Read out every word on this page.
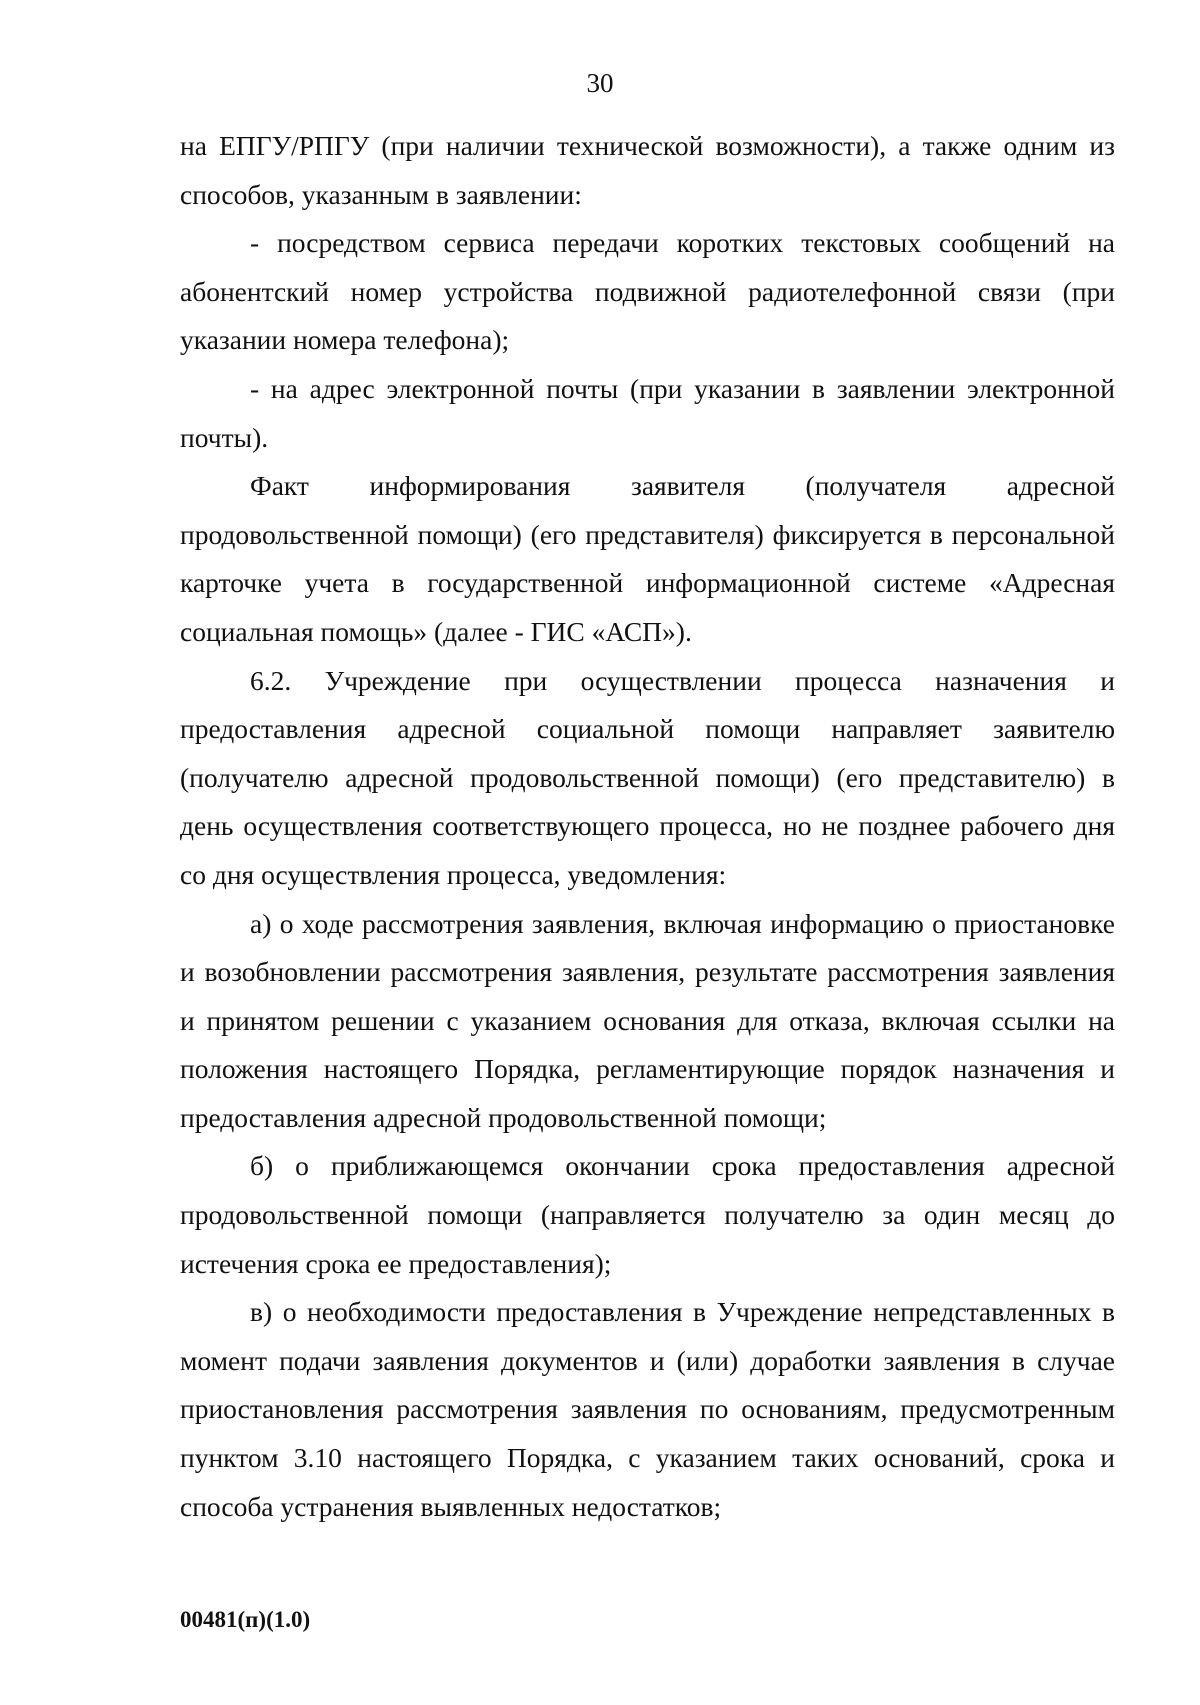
30

на ЕПГУ/РПГУ (при наличии технической возможности), а также одним из способов, указанным в заявлении:

- посредством сервиса передачи коротких текстовых сообщений на абонентский номер устройства подвижной радиотелефонной связи (при указании номера телефона);

- на адрес электронной почты (при указании в заявлении электронной почты).

Факт информирования заявителя (получателя адресной продовольственной помощи) (его представителя) фиксируется в персональной карточке учета в государственной информационной системе «Адресная социальная помощь» (далее - ГИС «АСП»).

6.2. Учреждение при осуществлении процесса назначения и предоставления адресной социальной помощи направляет заявителю (получателю адресной продовольственной помощи) (его представителю) в день осуществления соответствующего процесса, но не позднее рабочего дня со дня осуществления процесса, уведомления:

а) о ходе рассмотрения заявления, включая информацию о приостановке и возобновлении рассмотрения заявления, результате рассмотрения заявления и принятом решении с указанием основания для отказа, включая ссылки на положения настоящего Порядка, регламентирующие порядок назначения и предоставления адресной продовольственной помощи;

б) о приближающемся окончании срока предоставления адресной продовольственной помощи (направляется получателю за один месяц до истечения срока ее предоставления);

в) о необходимости предоставления в Учреждение непредставленных в момент подачи заявления документов и (или) доработки заявления в случае приостановления рассмотрения заявления по основаниям, предусмотренным пунктом 3.10 настоящего Порядка, с указанием таких оснований, срока и способа устранения выявленных недостатков;

00481(п)(1.0)
